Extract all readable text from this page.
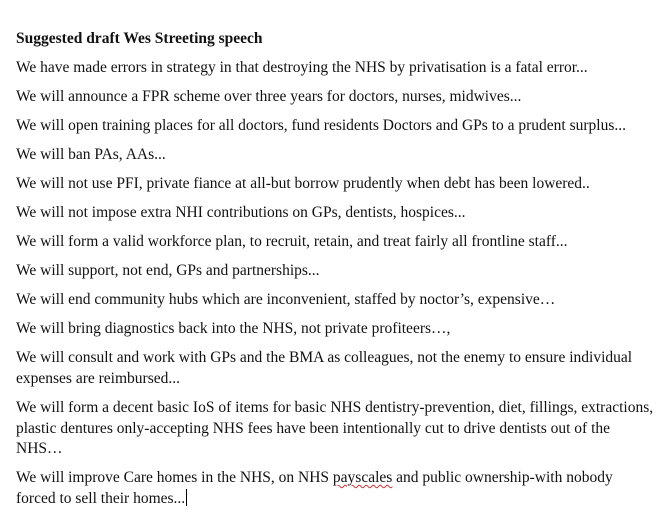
Suggested draft Wes Streeting speech

We have made errors in strategy in that destroying the NHS by privatisation is a fatal error...

We will announce a FPR scheme over three years for doctors, nurses, midwives...

We will open training places for all doctors, fund residents Doctors and GPs to a prudent surplus...

We will ban PAs, AAs...

We will not use PFI, private fiance at all-but borrow prudently when debt has been lowered..

We will not impose extra NHI contributions on GPs, dentists, hospices...

We will form a valid workforce plan, to recruit, retain, and treat fairly all frontline staff...

We will support, not end, GPs and partnerships...

We will end community hubs which are inconvenient, staffed by noctor’s, expensive…

We will bring diagnostics back into the NHS, not private profiteers…,

We will consult and work with GPs and the BMA as colleagues, not the enemy to ensure individual expenses are reimbursed...

We will form a decent basic IoS of items for basic NHS dentistry-prevention, diet, fillings, extractions, plastic dentures only-accepting NHS fees have been intentionally cut to drive dentists out of the NHS…

We will improve Care homes in the NHS, on NHS payscales and public ownership-with nobody forced to sell their homes...
